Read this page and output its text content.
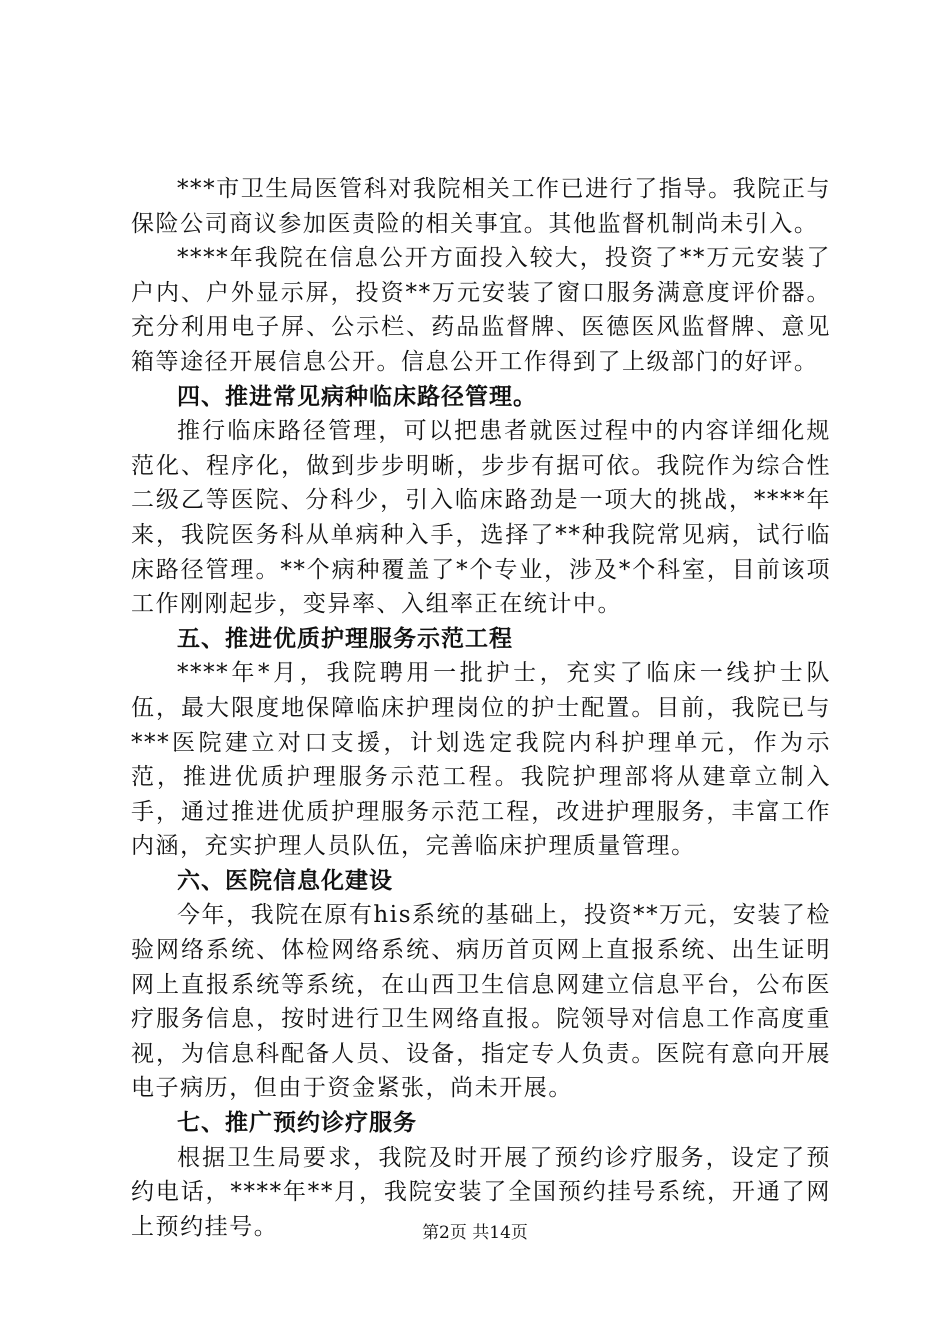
***市卫生局医管科对我院相关工作已进行了指导。我院正与保险公司商议参加医责险的相关事宜。其他监督机制尚未引入。

****年我院在信息公开方面投入较大，投资了**万元安装了户内、户外显示屏，投资**万元安装了窗口服务满意度评价器。充分利用电子屏、公示栏、药品监督牌、医德医风监督牌、意见箱等途径开展信息公开。信息公开工作得到了上级部门的好评。

四、推进常见病种临床路径管理。

推行临床路径管理，可以把患者就医过程中的内容详细化规范化、程序化，做到步步明晰，步步有据可依。我院作为综合性二级乙等医院、分科少，引入临床路劲是一项大的挑战，****年来，我院医务科从单病种入手，选择了**种我院常见病，试行临床路径管理。**个病种覆盖了*个专业，涉及*个科室，目前该项工作刚刚起步，变异率、入组率正在统计中。

五、推进优质护理服务示范工程

****年*月，我院聘用一批护士，充实了临床一线护士队伍，最大限度地保障临床护理岗位的护士配置。目前，我院已与***医院建立对口支援，计划选定我院内科护理单元，作为示范，推进优质护理服务示范工程。我院护理部将从建章立制入手，通过推进优质护理服务示范工程，改进护理服务，丰富工作内涵，充实护理人员队伍，完善临床护理质量管理。

六、医院信息化建设

今年，我院在原有his系统的基础上，投资**万元，安装了检验网络系统、体检网络系统、病历首页网上直报系统、出生证明网上直报系统等系统，在山西卫生信息网建立信息平台，公布医疗服务信息，按时进行卫生网络直报。院领导对信息工作高度重视，为信息科配备人员、设备，指定专人负责。医院有意向开展电子病历，但由于资金紧张，尚未开展。

七、推广预约诊疗服务

根据卫生局要求，我院及时开展了预约诊疗服务，设定了预约电话，****年**月，我院安装了全国预约挂号系统，开通了网上预约挂号。	第2页 共14页
